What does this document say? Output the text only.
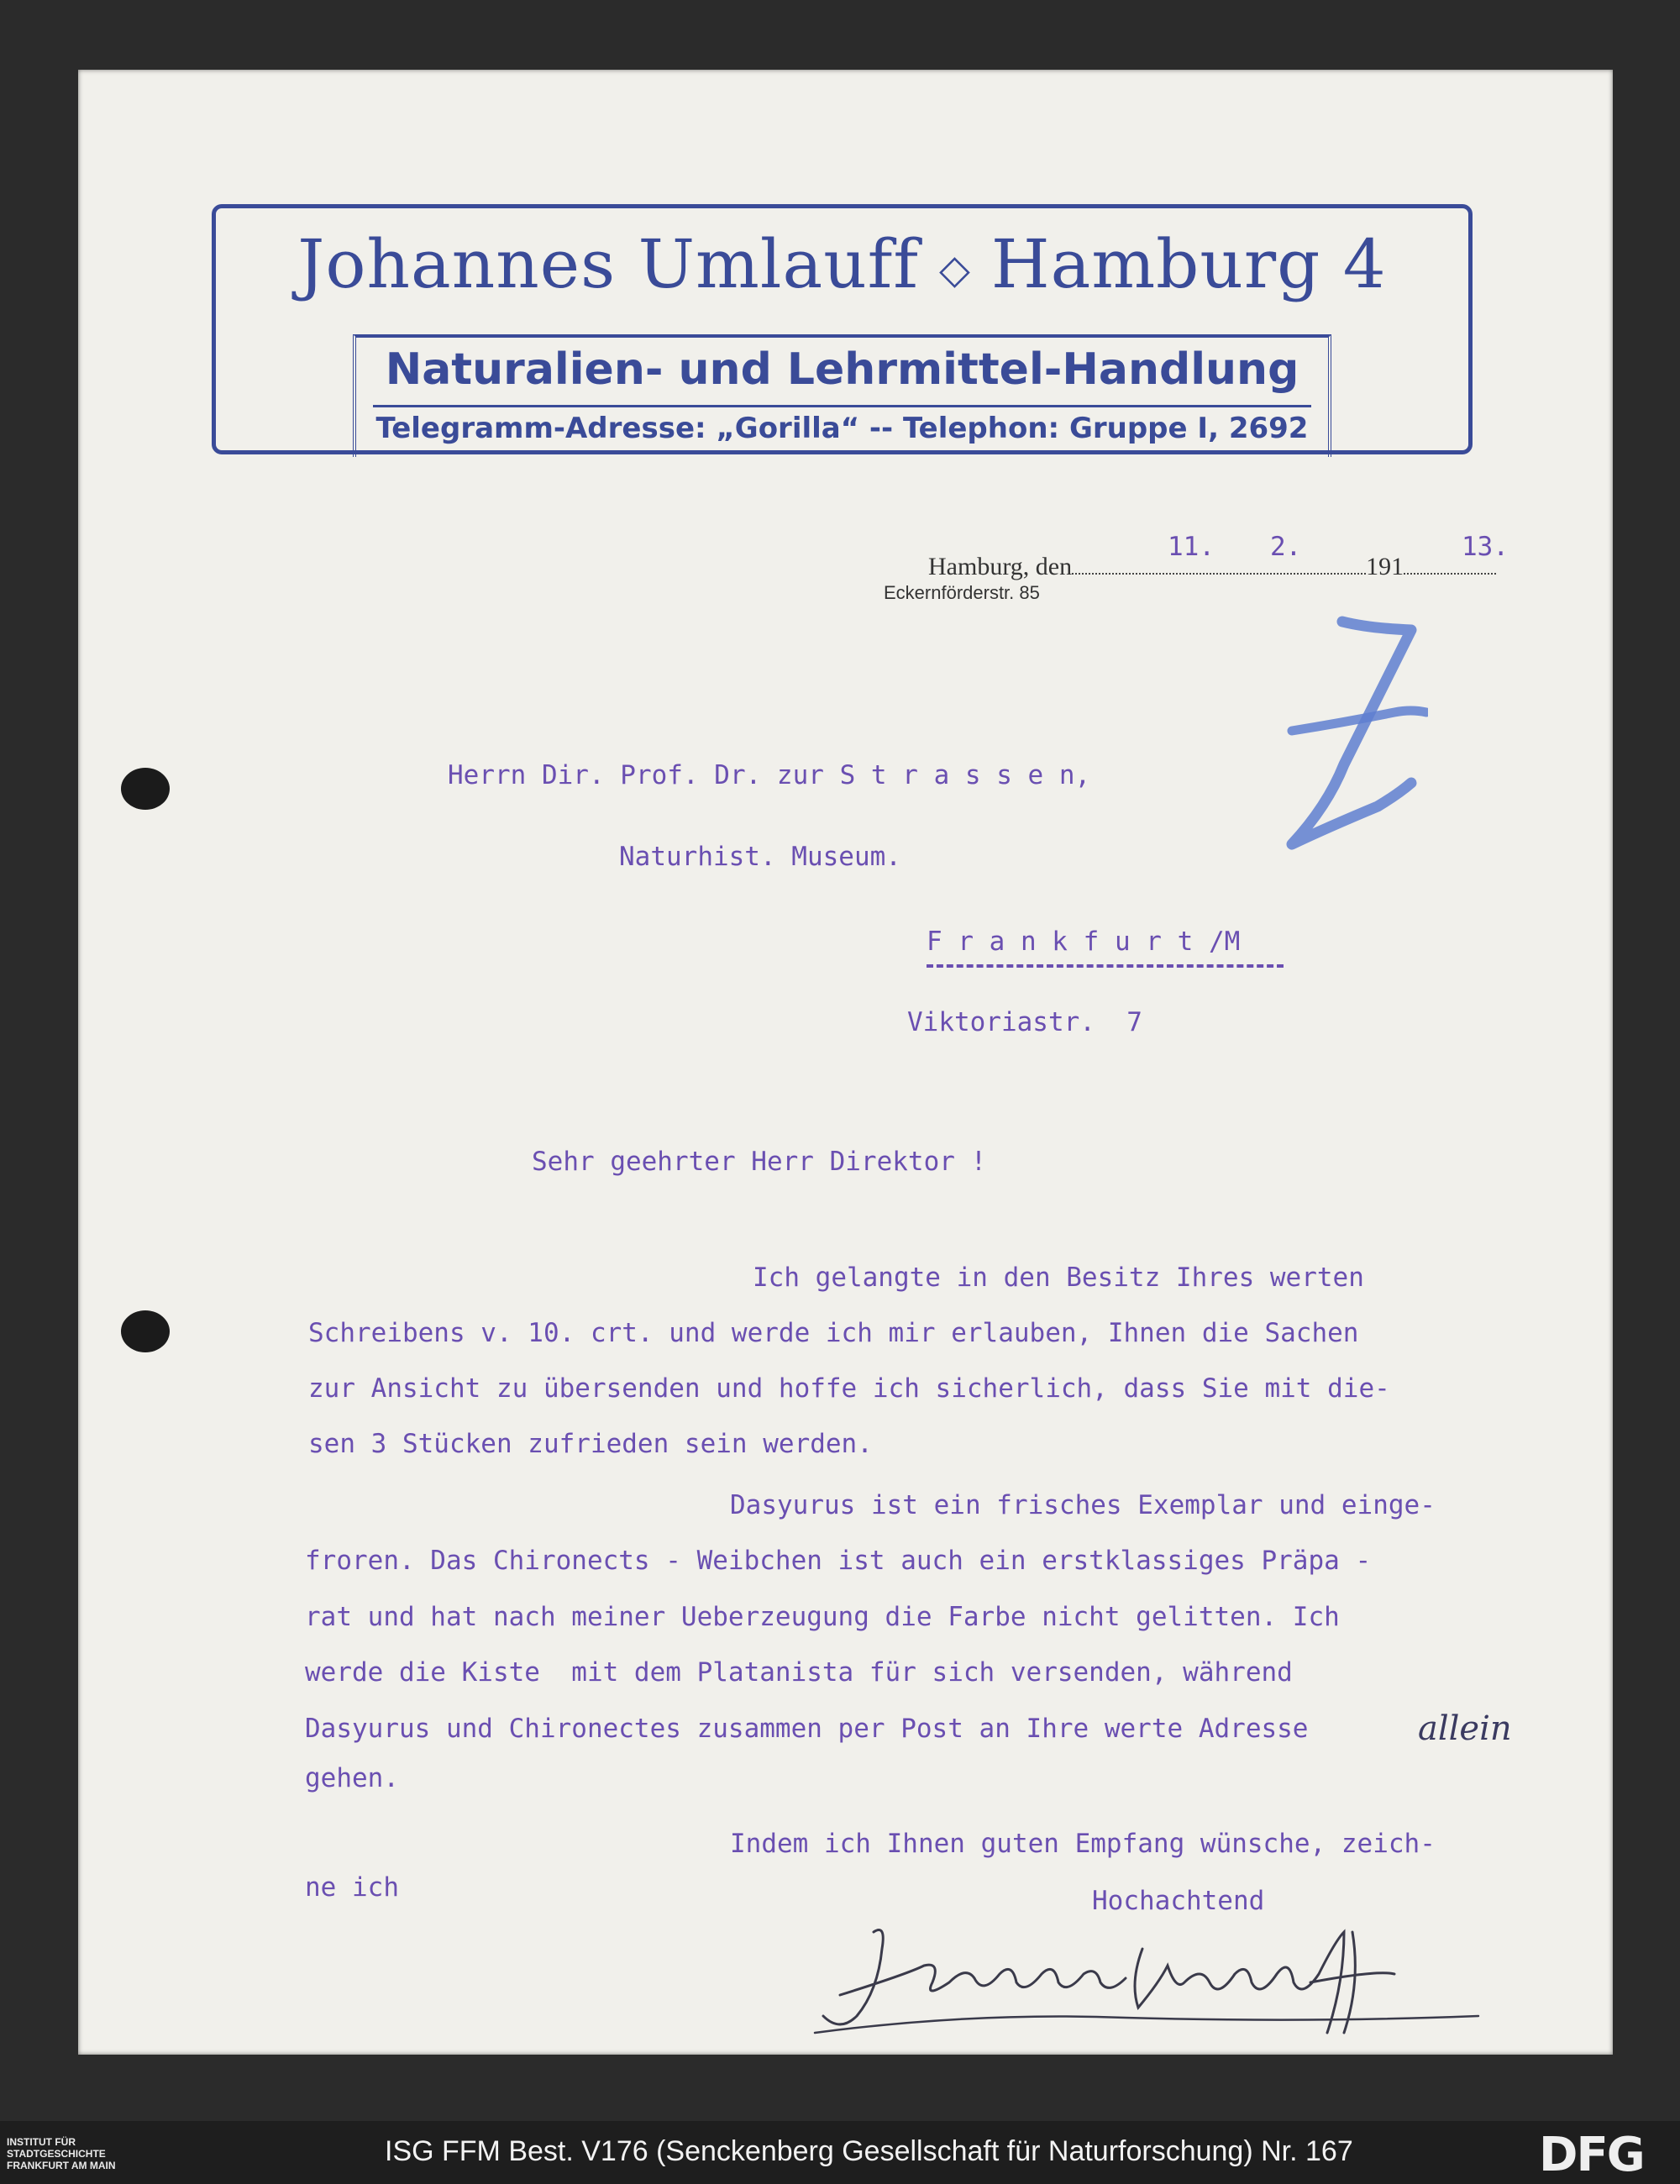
Johannes Umlauff ◇ Hamburg 4
Naturalien- und Lehrmittel-Handlung
Telegramm-Adresse: „Gorilla“ -- Telephon: Gruppe I, 2692
Hamburg, den	191
11. 2.	13.
Eckernförderstr. 85
Z
Herrn Dir. Prof. Dr. zur S t r a s s e n,
Naturhist. Museum.
F r a n k f u r t /M
Viktoriastr.  7
Sehr geehrter Herr Direktor !
Ich gelangte in den Besitz Ihres werten
Schreibens v. 10. crt. und werde ich mir erlauben, Ihnen die Sachen
zur Ansicht zu übersenden und hoffe ich sicherlich, dass Sie mit die-
sen 3 Stücken zufrieden sein werden.
Dasyurus ist ein frisches Exemplar und einge-
froren. Das Chironects - Weibchen ist auch ein erstklassiges Präpa -
rat und hat nach meiner Ueberzeugung die Farbe nicht gelitten. Ich
werde die Kiste  mit dem Platanista für sich versenden, während
Dasyurus und Chironectes zusammen per Post an Ihre werte Adresse	allein
gehen.
Indem ich Ihnen guten Empfang wünsche, zeich-
ne ich	Hochachtend
Johannes Umlauff
INSTITUT FÜR
STADTGESCHICHTE
FRANKFURT AM MAIN	ISG FFM Best. V176 (Senckenberg Gesellschaft für Naturforschung) Nr. 167	DFG
